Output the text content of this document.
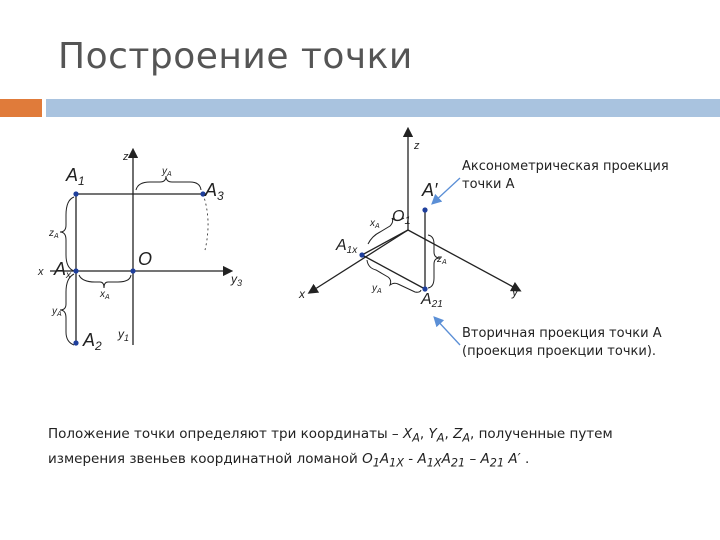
Построение точки
$A_1$	$A_3$
Ax
O
$A_2$
z
x	$y_3$
$y_1$
$z_A$
$y_A$
$x_A$
$y_A$
z
x	y
O1
A′
A1x
A21
$x_A$
$y_A$
$z_A$
Аксонометрическая проекция
точки А
Вторичная проекция точки А
(проекция проекции точки).
Положение точки определяют три координаты – $X_A$, $Y_A$, $Z_A$, полученные путем
измерения звеньев координатной ломаной $O_1A_{1X} - A_{1X}A_{21} - A_{21}$ A′ .
